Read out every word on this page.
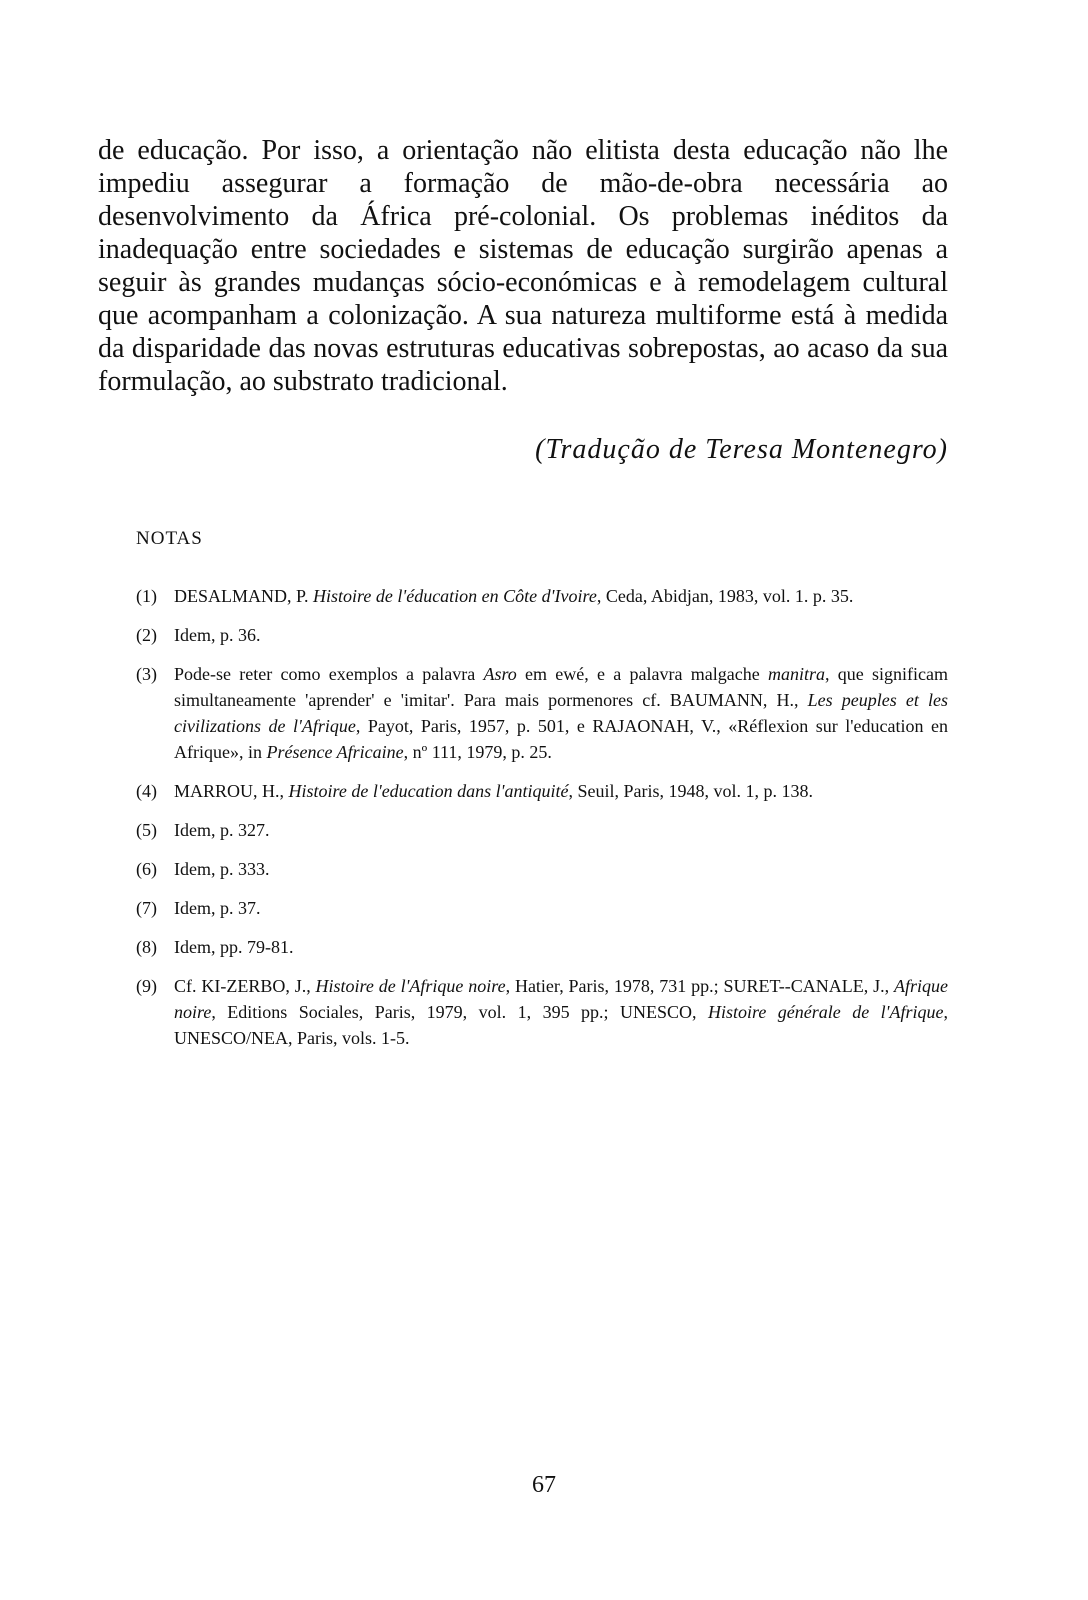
de educação. Por isso, a orientação não elitista desta educação não lhe impediu assegurar a formação de mão-de-obra necessária ao desenvolvimento da África pré-colonial. Os problemas inéditos da inadequação entre sociedades e sistemas de educação surgirão apenas a seguir às grandes mudanças sócio-económicas e à remodelagem cultural que acompanham a colonização. A sua natureza multiforme está à medida da disparidade das novas estruturas educativas sobrepostas, ao acaso da sua formulação, ao substrato tradicional.

(Tradução de Teresa Montenegro)
NOTAS
(1) DESALMAND, P. Histoire de l'éducation en Côte d'Ivoire, Ceda, Abidjan, 1983, vol. 1. p. 35.
(2) Idem, p. 36.
(3) Pode-se reter como exemplos a palavra Asro em ewé, e a palavra malgache manitra, que significam simultaneamente 'aprender' e 'imitar'. Para mais pormenores cf. BAUMANN, H., Les peuples et les civilizations de l'Afrique, Payot, Paris, 1957, p. 501, e RAJAONAH, V., «Réflexion sur l'education en Afrique», in Présence Africaine, nº 111, 1979, p. 25.
(4) MARROU, H., Histoire de l'education dans l'antiquité, Seuil, Paris, 1948, vol. 1, p. 138.
(5) Idem, p. 327.
(6) Idem, p. 333.
(7) Idem, p. 37.
(8) Idem, pp. 79-81.
(9) Cf. KI-ZERBO, J., Histoire de l'Afrique noire, Hatier, Paris, 1978, 731 pp.; SURET--CANALE, J., Afrique noire, Editions Sociales, Paris, 1979, vol. 1, 395 pp.; UNESCO, Histoire générale de l'Afrique, UNESCO/NEA, Paris, vols. 1-5.
67
